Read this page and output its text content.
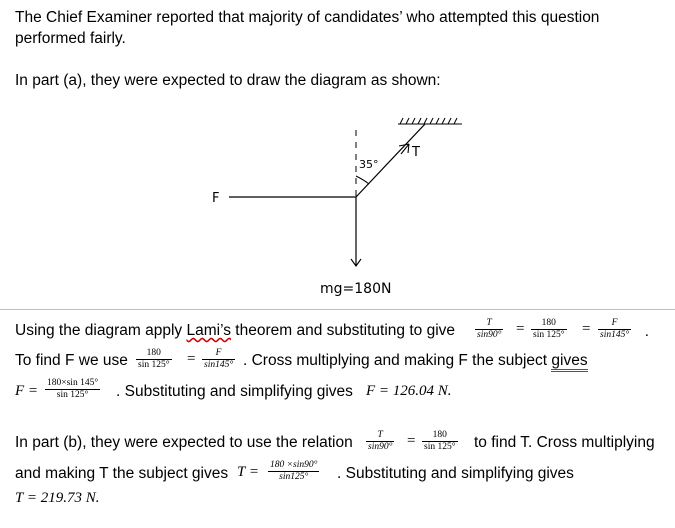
The Chief Examiner reported that majority of candidates’ who attempted this question
performed fairly.
In part (a), they were expected to draw the diagram as shown:
35°
T
F
mg=180N
Using the diagram apply Lami’s theorem and substituting to give $\frac{T}{\sin 90^\circ} = \frac{180}{\sin 125^\circ} = \frac{F}{\sin 145^\circ}$ .
To find F we use $\frac{180}{\sin 125^\circ} = \frac{F}{\sin 145^\circ}$ . Cross multiplying and making F the subject gives
$F = \frac{180\times\sin 145^\circ}{\sin 125^\circ}$ . Substituting and simplifying gives F = 126.04 N.
In part (b), they were expected to use the relation $\frac{T}{\sin 90^\circ} = \frac{180}{\sin 125^\circ}$ to find T. Cross multiplying
and making T the subject gives $T = \frac{180 \times\sin 90^\circ}{\sin 125^\circ}$ . Substituting and simplifying gives
T = 219.73 N.
